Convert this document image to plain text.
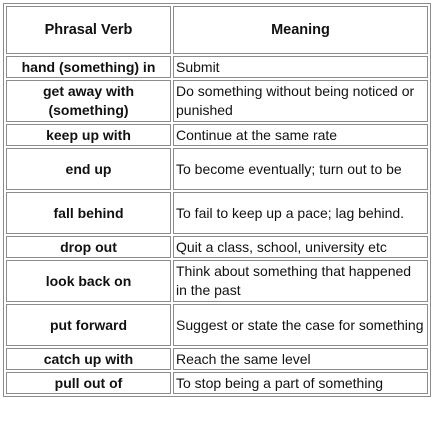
Phrasal Verb	Meaning
hand (something) in	Submit
get away with (something)	Do something without being noticed or punished
keep up with	Continue at the same rate
end up	To become eventually; turn out to be
fall behind	To fail to keep up a pace; lag behind.
drop out	Quit a class, school, university etc
look back on	Think about something that happened in the past
put forward	Suggest or state the case for something
catch up with	Reach the same level
pull out of	To stop being a part of something
